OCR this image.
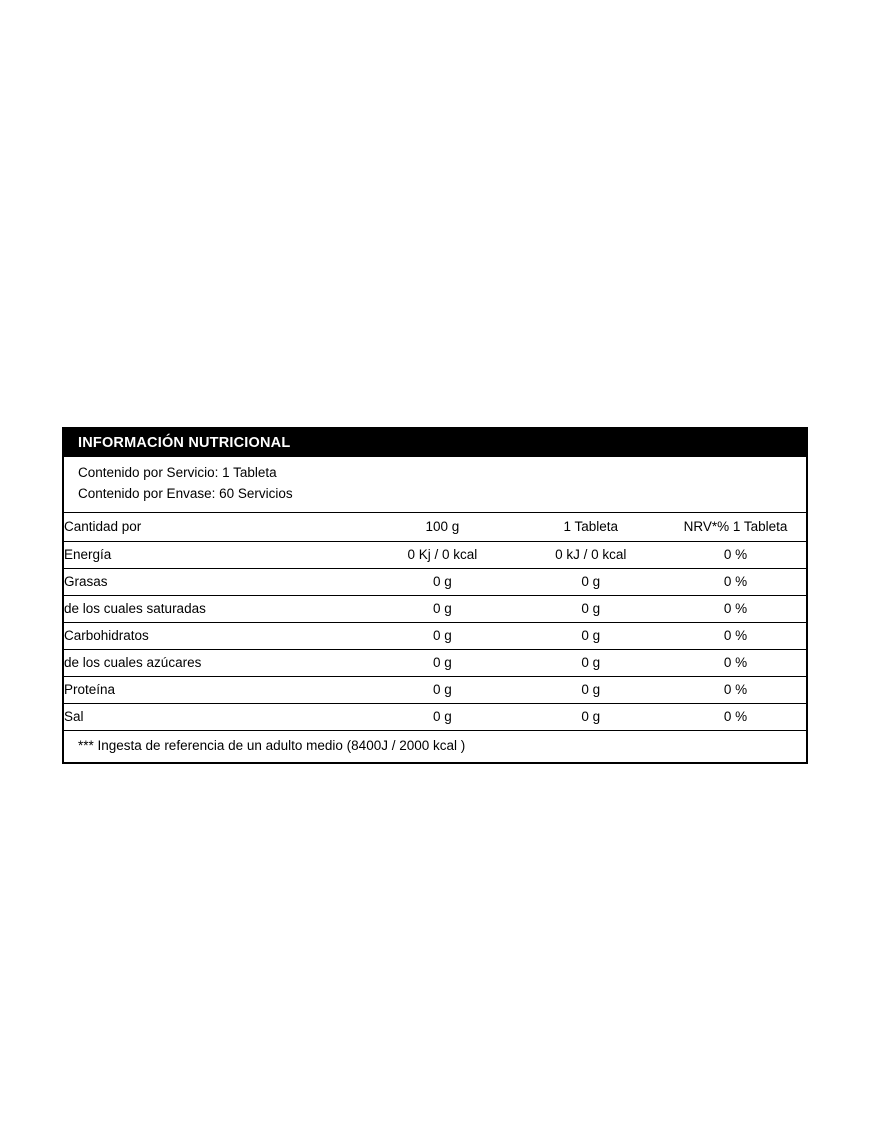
INFORMACIÓN NUTRICIONAL
Contenido por Servicio: 1 Tableta
Contenido por Envase: 60 Servicios
Cantidad por	100 g	1 Tableta	NRV*% 1 Tableta
Energía	0 Kj / 0 kcal	0 kJ / 0 kcal	0 %
Grasas	0 g	0 g	0 %
de los cuales saturadas	0 g	0 g	0 %
Carbohidratos	0 g	0 g	0 %
de los cuales azúcares	0 g	0 g	0 %
Proteína	0 g	0 g	0 %
Sal	0 g	0 g	0 %
*** Ingesta de referencia de un adulto medio (8400J / 2000 kcal )
